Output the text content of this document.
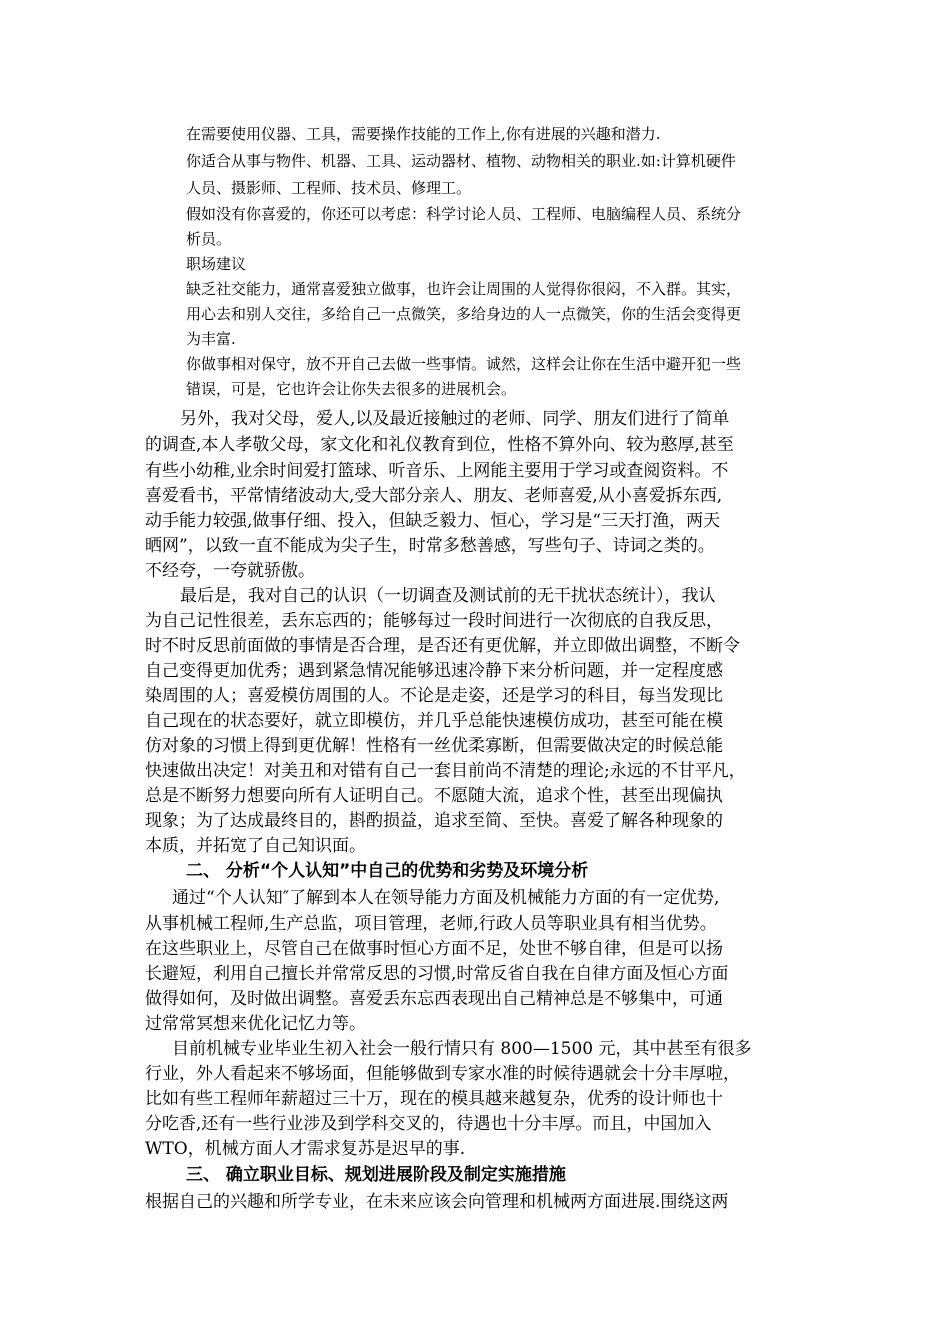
在需要使用仪器、工具，需要操作技能的工作上,你有进展的兴趣和潜力.

你适合从事与物件、机器、工具、运动器材、植物、动物相关的职业.如:计算机硬件

人员、摄影师、工程师、技术员、修理工。

假如没有你喜爱的，你还可以考虑：科学讨论人员、工程师、电脑编程人员、系统分

析员。

职场建议

缺乏社交能力，通常喜爱独立做事，也许会让周围的人觉得你很闷，不入群。其实，

用心去和别人交往，多给自己一点微笑，多给身边的人一点微笑，你的生活会变得更

为丰富.

你做事相对保守，放不开自己去做一些事情。诚然，这样会让你在生活中避开犯一些

错误，可是，它也许会让你失去很多的进展机会。

另外，我对父母，爱人,以及最近接触过的老师、同学、朋友们进行了简单

的调查,本人孝敬父母，家文化和礼仪教育到位，性格不算外向、较为憨厚,甚至

有些小幼稚,业余时间爱打篮球、听音乐、上网能主要用于学习或查阅资料。不

喜爱看书，平常情绪波动大,受大部分亲人、朋友、老师喜爱,从小喜爱拆东西,

动手能力较强,做事仔细、投入，但缺乏毅力、恒心，学习是“三天打渔，两天

晒网”，以致一直不能成为尖子生，时常多愁善感，写些句子、诗词之类的。

不经夸，一夸就骄傲。

最后是，我对自己的认识（一切调查及测试前的无干扰状态统计），我认

为自己记性很差，丢东忘西的；能够每过一段时间进行一次彻底的自我反思，

时不时反思前面做的事情是否合理，是否还有更优解，并立即做出调整，不断令

自己变得更加优秀；遇到紧急情况能够迅速冷静下来分析问题，并一定程度感

染周围的人；喜爱模仿周围的人。不论是走姿，还是学习的科目，每当发现比

自己现在的状态要好，就立即模仿，并几乎总能快速模仿成功，甚至可能在模

仿对象的习惯上得到更优解！性格有一丝优柔寡断，但需要做决定的时候总能

快速做出决定！对美丑和对错有自己一套目前尚不清楚的理论;永远的不甘平凡，

总是不断努力想要向所有人证明自己。不愿随大流，追求个性，甚至出现偏执

现象；为了达成最终目的，斟酌损益，追求至简、至快。喜爱了解各种现象的

本质，并拓宽了自己知识面。

二、 分析“个人认知”中自己的优势和劣势及环境分析

通过“个人认知″了解到本人在领导能力方面及机械能力方面的有一定优势,

从事机械工程师,生产总监，项目管理，老师,行政人员等职业具有相当优势。

在这些职业上，尽管自己在做事时恒心方面不足，处世不够自律，但是可以扬

长避短，利用自己擅长并常常反思的习惯,时常反省自我在自律方面及恒心方面

做得如何，及时做出调整。喜爱丢东忘西表现出自己精神总是不够集中，可通

过常常冥想来优化记忆力等。

目前机械专业毕业生初入社会一般行情只有 800—1500 元，其中甚至有很多

行业，外人看起来不够场面，但能够做到专家水准的时候待遇就会十分丰厚啦，

比如有些工程师年薪超过三十万，现在的模具越来越复杂，优秀的设计师也十

分吃香,还有一些行业涉及到学科交叉的，待遇也十分丰厚。而且，中国加入

WTO，机械方面人才需求复苏是迟早的事.

三、 确立职业目标、规划进展阶段及制定实施措施

根据自己的兴趣和所学专业，在未来应该会向管理和机械两方面进展.围绕这两
